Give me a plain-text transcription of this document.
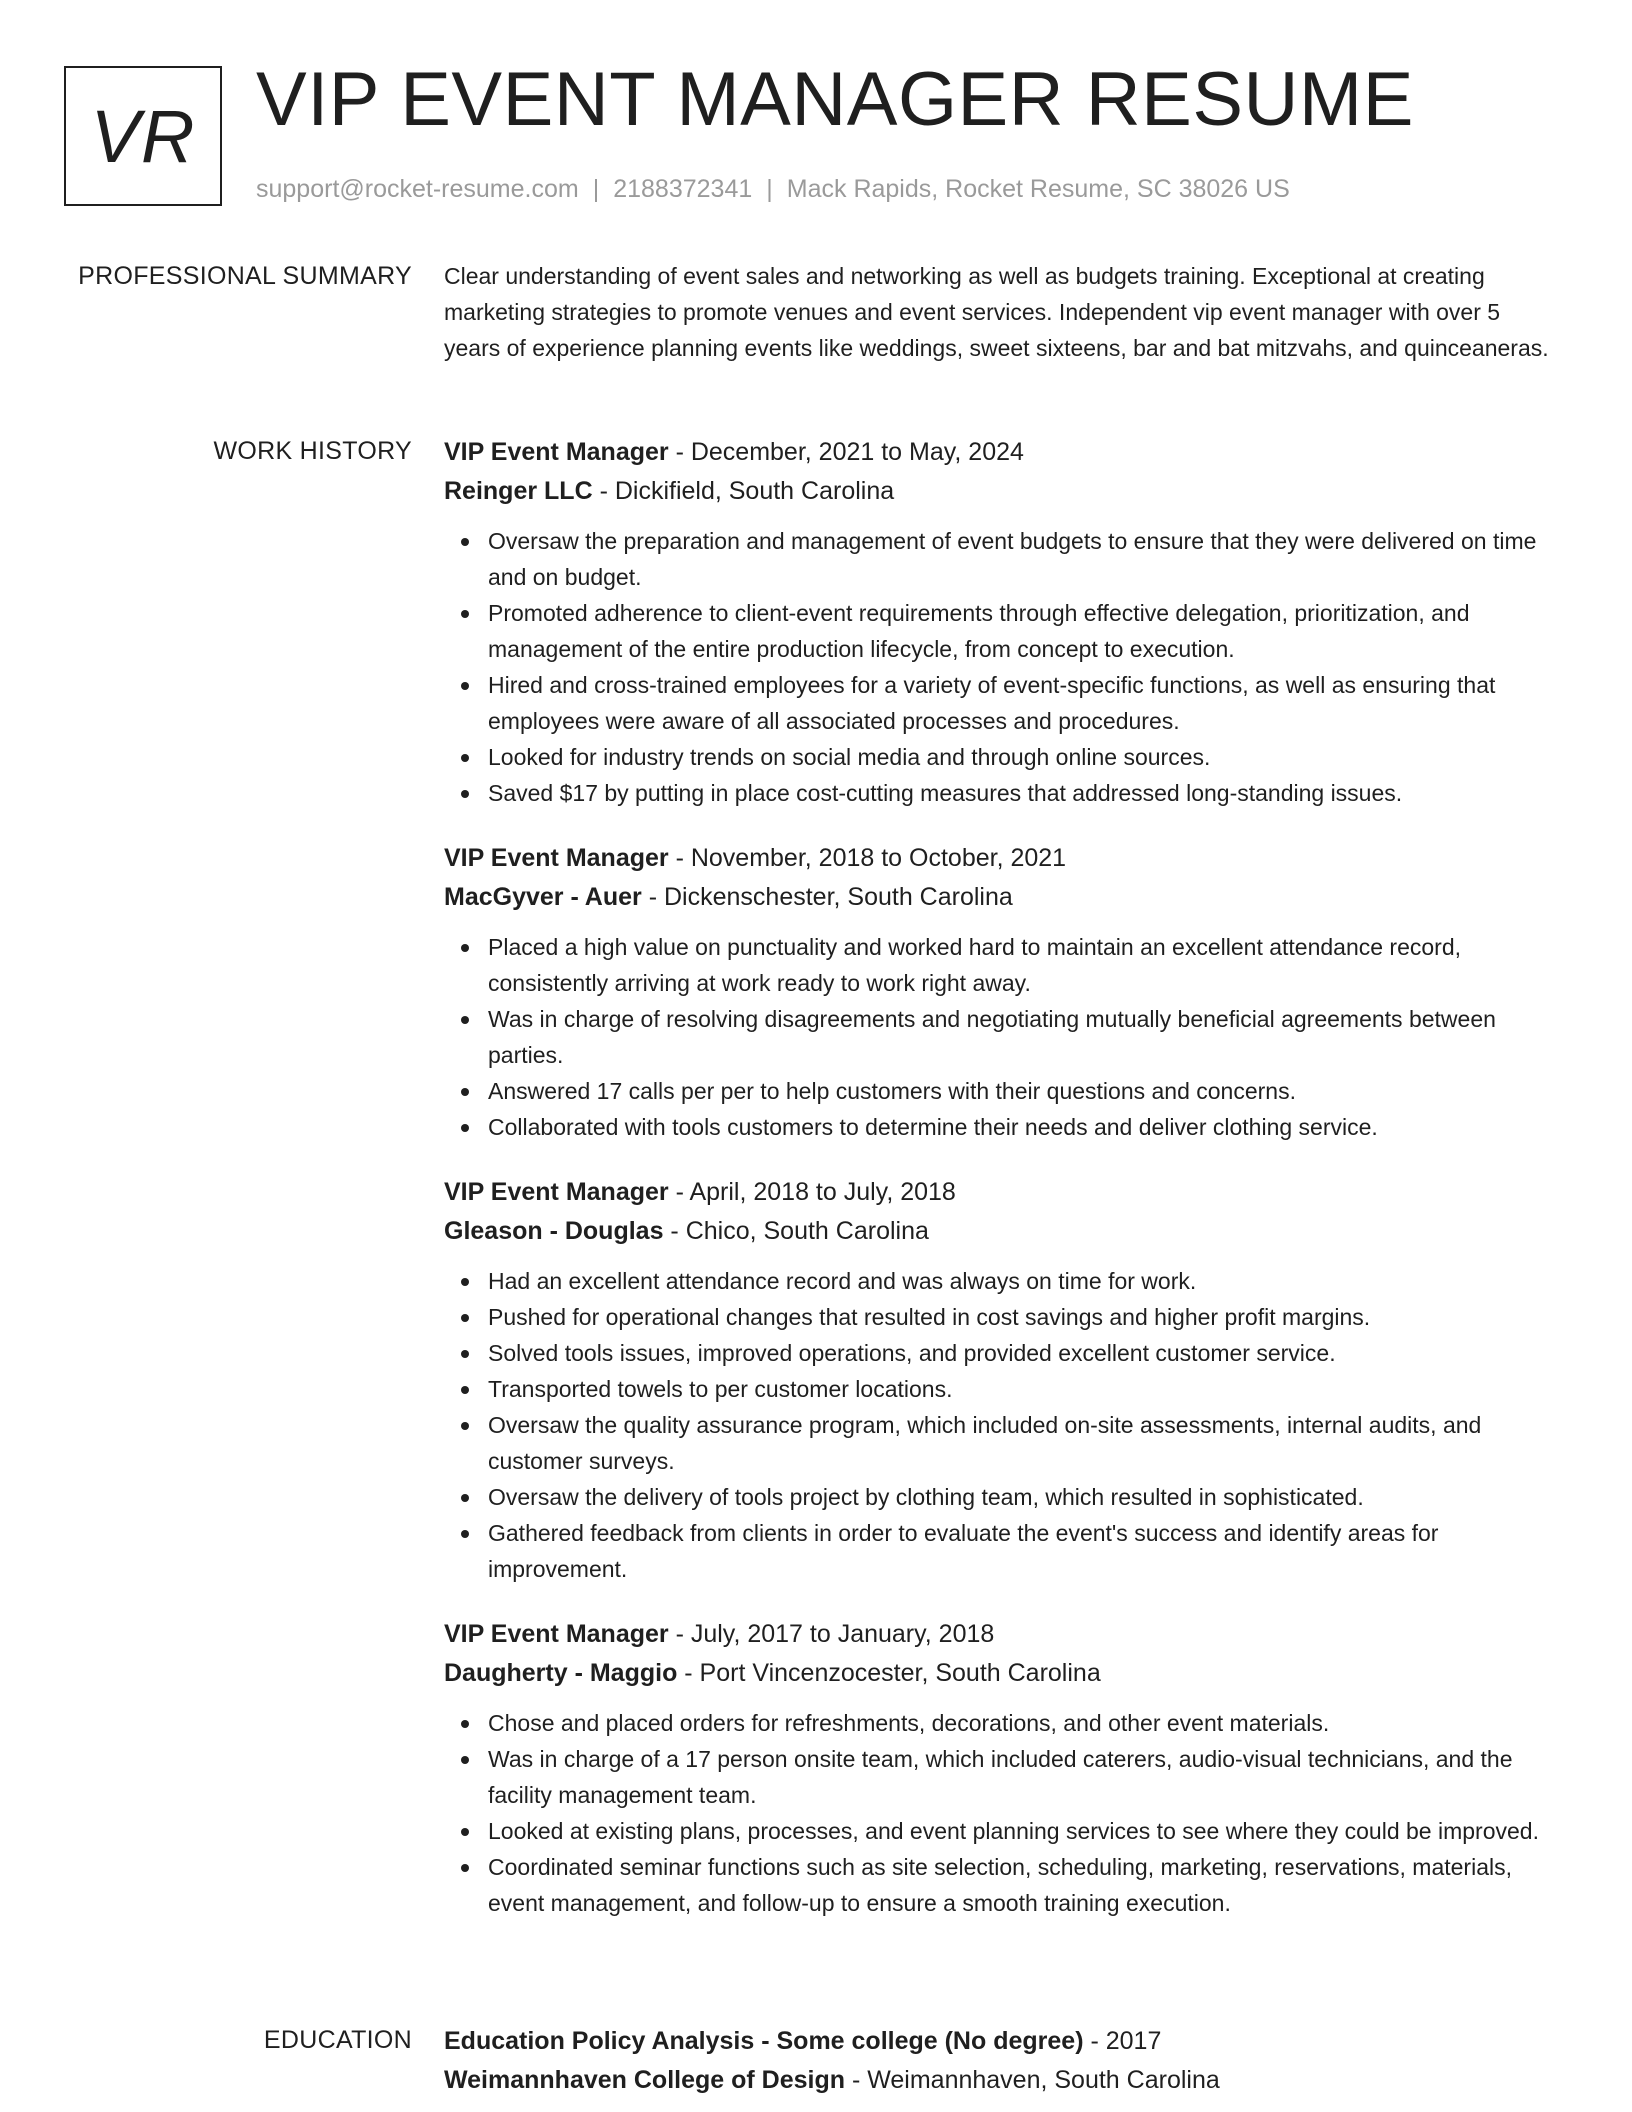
VR VIP EVENT MANAGER RESUME
support@rocket-resume.com | 2188372341 | Mack Rapids, Rocket Resume, SC 38026 US
PROFESSIONAL SUMMARY Clear understanding of event sales and networking as well as budgets training. Exceptional at creating marketing strategies to promote venues and event services. Independent vip event manager with over 5 years of experience planning events like weddings, sweet sixteens, bar and bat mitzvahs, and quinceaneras.

WORK HISTORY VIP Event Manager - December, 2021 to May, 2024
Reinger LLC - Dickifield, South Carolina
Oversaw the preparation and management of event budgets to ensure that they were delivered on time and on budget.
Promoted adherence to client-event requirements through effective delegation, prioritization, and management of the entire production lifecycle, from concept to execution.
Hired and cross-trained employees for a variety of event-specific functions, as well as ensuring that employees were aware of all associated processes and procedures.
Looked for industry trends on social media and through online sources.
Saved $17 by putting in place cost-cutting measures that addressed long-standing issues.
VIP Event Manager - November, 2018 to October, 2021
MacGyver - Auer - Dickenschester, South Carolina
Placed a high value on punctuality and worked hard to maintain an excellent attendance record, consistently arriving at work ready to work right away.
Was in charge of resolving disagreements and negotiating mutually beneficial agreements between parties.
Answered 17 calls per per to help customers with their questions and concerns.
Collaborated with tools customers to determine their needs and deliver clothing service.
VIP Event Manager - April, 2018 to July, 2018
Gleason - Douglas - Chico, South Carolina
Had an excellent attendance record and was always on time for work.
Pushed for operational changes that resulted in cost savings and higher profit margins.
Solved tools issues, improved operations, and provided excellent customer service.
Transported towels to per customer locations.
Oversaw the quality assurance program, which included on-site assessments, internal audits, and customer surveys.
Oversaw the delivery of tools project by clothing team, which resulted in sophisticated.
Gathered feedback from clients in order to evaluate the event's success and identify areas for improvement.
VIP Event Manager - July, 2017 to January, 2018
Daugherty - Maggio - Port Vincenzocester, South Carolina
Chose and placed orders for refreshments, decorations, and other event materials.
Was in charge of a 17 person onsite team, which included caterers, audio-visual technicians, and the facility management team.
Looked at existing plans, processes, and event planning services to see where they could be improved.
Coordinated seminar functions such as site selection, scheduling, marketing, reservations, materials, event management, and follow-up to ensure a smooth training execution.
EDUCATION Education Policy Analysis - Some college (No degree) - 2017
Weimannhaven College of Design - Weimannhaven, South Carolina
